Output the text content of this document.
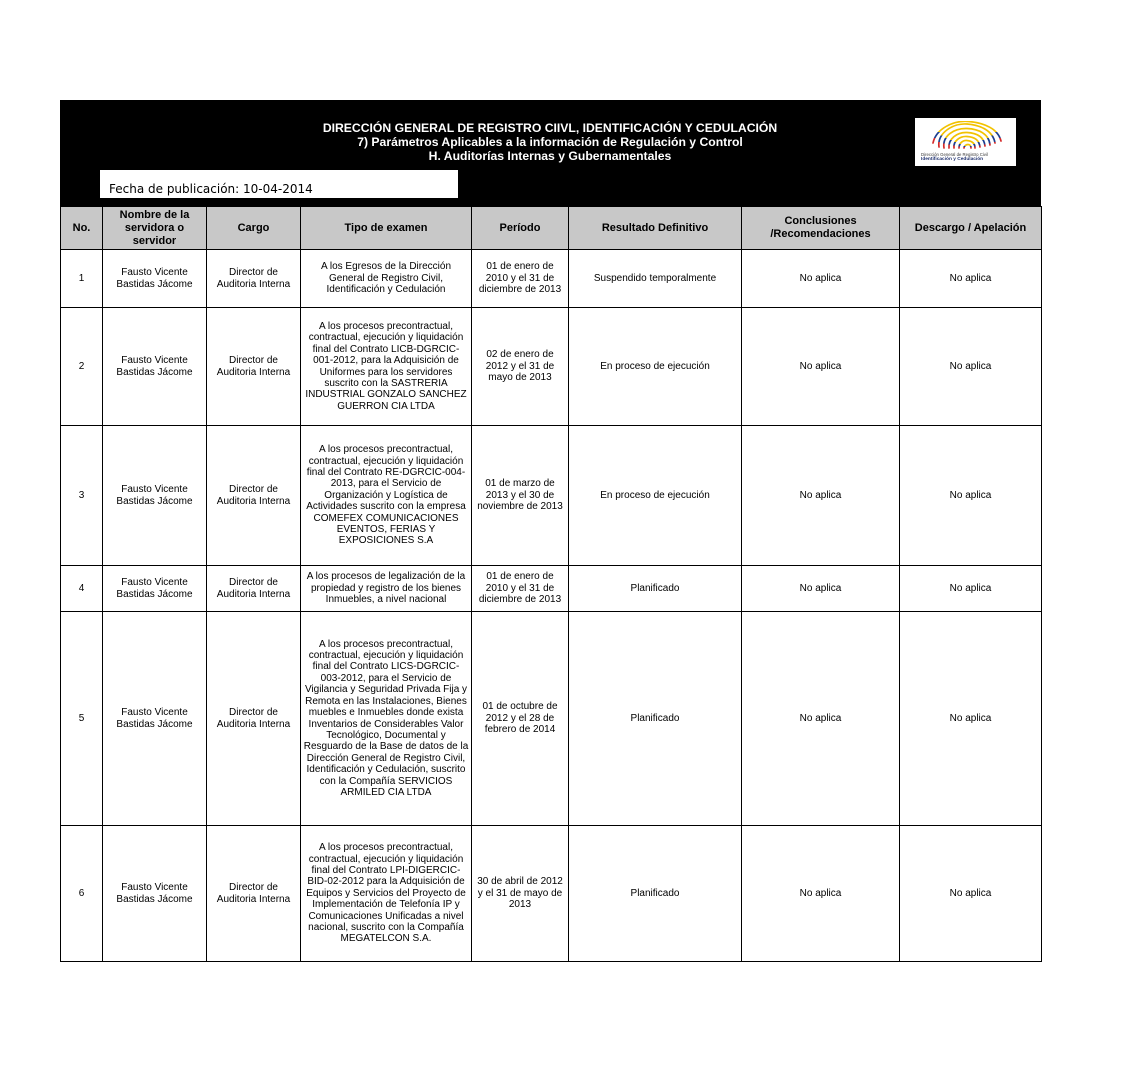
DIRECCIÓN GENERAL DE REGISTRO CIIVL, IDENTIFICACIÓN Y CEDULACIÓN
7) Parámetros Aplicables a la información de Regulación y Control
H. Auditorías Internas y Gubernamentales
Fecha de publicación: 10-04-2014
Dirección General de Registro Civil
Identificación y Cedulación
No.	Nombre de la servidora o servidor	Cargo	Tipo de examen	Período	Resultado Definitivo	Conclusiones /Recomendaciones	Descargo / Apelación
1	Fausto Vicente Bastidas Jácome	Director de Auditoria Interna	A los Egresos de la Dirección General de Registro Civil, Identificación y Cedulación	01 de enero de 2010 y el 31 de diciembre de 2013	Suspendido temporalmente	No aplica	No aplica
2	Fausto Vicente Bastidas Jácome	Director de Auditoria Interna	A los procesos precontractual, contractual, ejecución y liquidación final del Contrato LICB-DGRCIC-001-2012, para la Adquisición de Uniformes para los servidores suscrito con la SASTRERIA INDUSTRIAL GONZALO SANCHEZ GUERRON CIA LTDA	02 de enero de 2012 y el 31 de mayo de 2013	En proceso de ejecución	No aplica	No aplica
3	Fausto Vicente Bastidas Jácome	Director de Auditoria Interna	A los procesos precontractual, contractual, ejecución y liquidación final del Contrato RE-DGRCIC-004-2013, para el Servicio de Organización y Logística de Actividades suscrito con la empresa COMEFEX COMUNICACIONES EVENTOS, FERIAS Y EXPOSICIONES S.A	01 de marzo de 2013 y el 30 de noviembre de 2013	En proceso de ejecución	No aplica	No aplica
4	Fausto Vicente Bastidas Jácome	Director de Auditoria Interna	A los procesos de legalización de la propiedad y registro de los bienes Inmuebles, a nivel nacional	01 de enero de 2010 y el 31 de diciembre de 2013	Planificado	No aplica	No aplica
5	Fausto Vicente Bastidas Jácome	Director de Auditoria Interna	A los procesos precontractual, contractual, ejecución y liquidación final del Contrato LICS-DGRCIC-003-2012, para el Servicio de Vigilancia y Seguridad Privada Fija y Remota en las Instalaciones, Bienes muebles e Inmuebles donde exista Inventarios de Considerables Valor Tecnológico, Documental y Resguardo de la Base de datos de la Dirección General de Registro Civil, Identificación y Cedulación, suscrito con la Compañía SERVICIOS ARMILED CIA LTDA	01 de octubre de 2012 y el 28 de febrero de 2014	Planificado	No aplica	No aplica
6	Fausto Vicente Bastidas Jácome	Director de Auditoria Interna	A los procesos precontractual, contractual, ejecución y liquidación final del Contrato LPI-DIGERCIC-BID-02-2012 para la Adquisición de Equipos y Servicios del Proyecto de Implementación de Telefonía IP y Comunicaciones Unificadas a nivel nacional, suscrito con la Compañía MEGATELCON S.A.	30 de abril de 2012 y el 31 de mayo de 2013	Planificado	No aplica	No aplica
